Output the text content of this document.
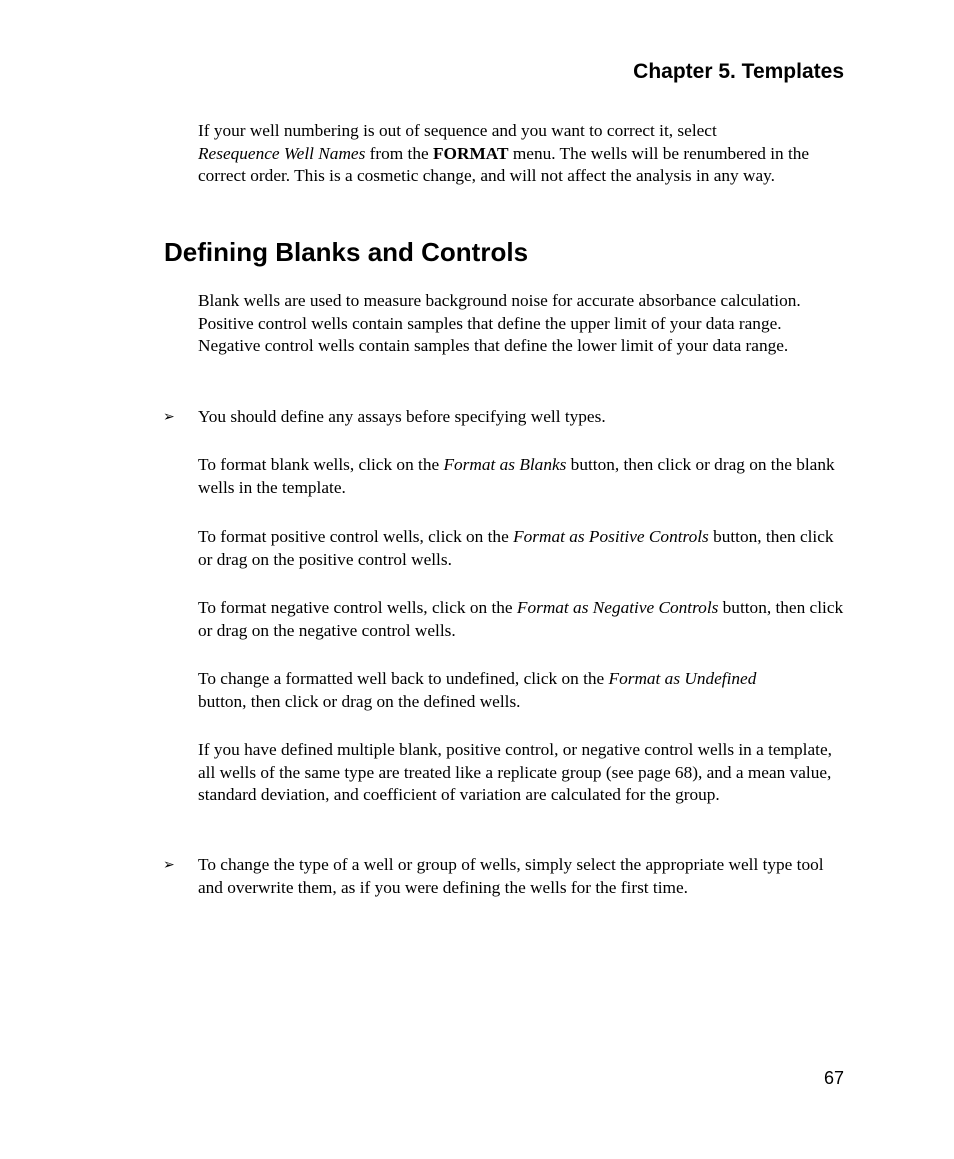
Chapter 5. Templates

If your well numbering is out of sequence and you want to correct it, select
Resequence Well Names from the FORMAT menu. The wells will be renumbered in the correct order. This is a cosmetic change, and will not affect the analysis in any way.

Defining Blanks and Controls

Blank wells are used to measure background noise for accurate absorbance calculation. Positive control wells contain samples that define the upper limit of your data range. Negative control wells contain samples that define the lower limit of your data range.

➢ You should define any assays before specifying well types.

To format blank wells, click on the Format as Blanks button, then click or drag on the blank wells in the template.

To format positive control wells, click on the Format as Positive Controls button, then click or drag on the positive control wells.

To format negative control wells, click on the Format as Negative Controls button, then click or drag on the negative control wells.

To change a formatted well back to undefined, click on the Format as Undefined
button, then click or drag on the defined wells.

If you have defined multiple blank, positive control, or negative control wells in a template, all wells of the same type are treated like a replicate group (see page 68), and a mean value, standard deviation, and coefficient of variation are calculated for the group.

➢ To change the type of a well or group of wells, simply select the appropriate well type tool and overwrite them, as if you were defining the wells for the first time.

67
